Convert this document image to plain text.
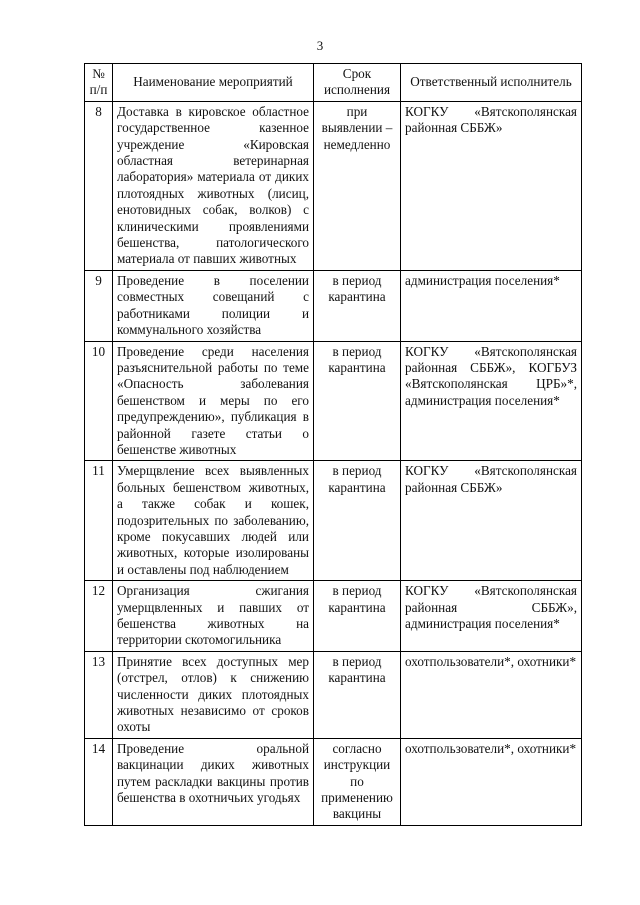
3
№ п/п	Наименование мероприятий	Срок исполнения	Ответственный исполнитель
8	Доставка в кировское областное государственное казенное учреждение «Кировская областная ветеринарная лаборатория» материала от диких плотоядных животных (лисиц, енотовидных собак, волков) с клиническими проявлениями бешенства, патологического материала от павших животных	при выявлении – немедленно	КОГКУ «Вятскополянская районная СББЖ»
9	Проведение в поселении совместных совещаний с работниками полиции и коммунального хозяйства	в период карантина	администрация поселения*
10	Проведение среди населения разъяснительной работы по теме «Опасность заболевания бешенством и меры по его предупреждению», публикация в районной газете статьи о бешенстве животных	в период карантина	КОГКУ «Вятскополянская районная СББЖ», КОГБУЗ «Вятскополянская ЦРБ»*, администрация поселения*
11	Умерщвление всех выявленных больных бешенством животных, а также собак и кошек, подозрительных по заболеванию, кроме покусавших людей или животных, которые изолированы и оставлены под наблюдением	в период карантина	КОГКУ «Вятскополянская районная СББЖ»
12	Организация сжигания умерщвленных и павших от бешенства животных на территории скотомогильника	в период карантина	КОГКУ «Вятскополянская районная СББЖ», администрация поселения*
13	Принятие всех доступных мер (отстрел, отлов) к снижению численности диких плотоядных животных независимо от сроков охоты	в период карантина	охотпользователи*, охотники*
14	Проведение оральной вакцинации диких животных путем раскладки вакцины против бешенства в охотничьих угодьях	согласно инструкции по применению вакцины	охотпользователи*, охотники*
